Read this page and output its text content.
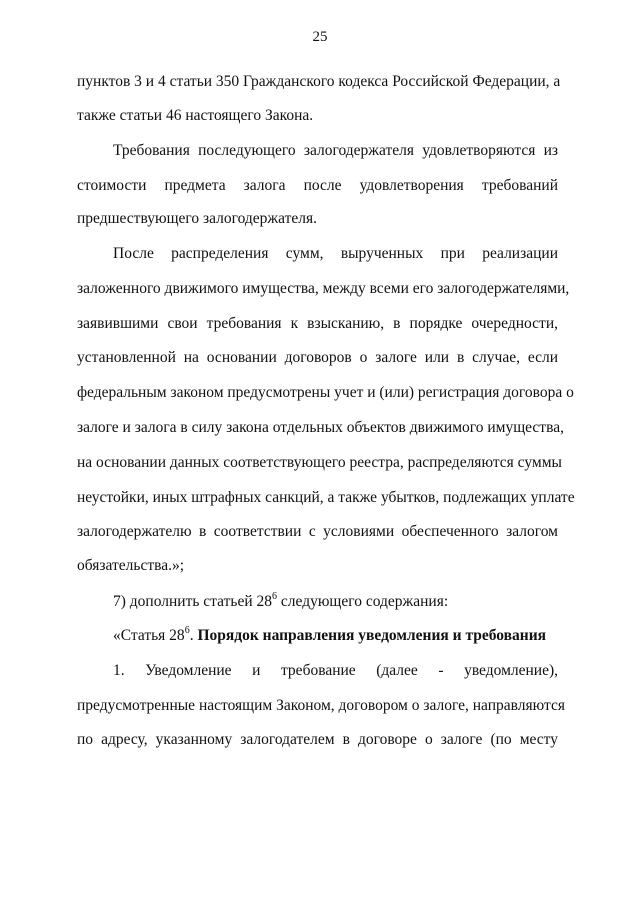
25
пунктов 3 и 4 статьи 350 Гражданского кодекса Российской Федерации, а
также статьи 46 настоящего Закона.
Требования последующего залогодержателя удовлетворяются из
стоимости предмета залога после удовлетворения требований
предшествующего залогодержателя.
После распределения сумм, вырученных при реализации
заложенного движимого имущества, между всеми его залогодержателями,
заявившими свои требования к взысканию, в порядке очередности,
установленной на основании договоров о залоге или в случае, если
федеральным законом предусмотрены учет и (или) регистрация договора о
залоге и залога в силу закона отдельных объектов движимого имущества,
на основании данных соответствующего реестра, распределяются суммы
неустойки, иных штрафных санкций, а также убытков, подлежащих уплате
залогодержателю в соответствии с условиями обеспеченного залогом
обязательства.»;
7) дополнить статьей $28^6$ следующего содержания:
«Статья $28^6$. Порядок направления уведомления и требования
1. Уведомление и требование (далее - уведомление),
предусмотренные настоящим Законом, договором о залоге, направляются
по адресу, указанному залогодателем в договоре о залоге (по месту
